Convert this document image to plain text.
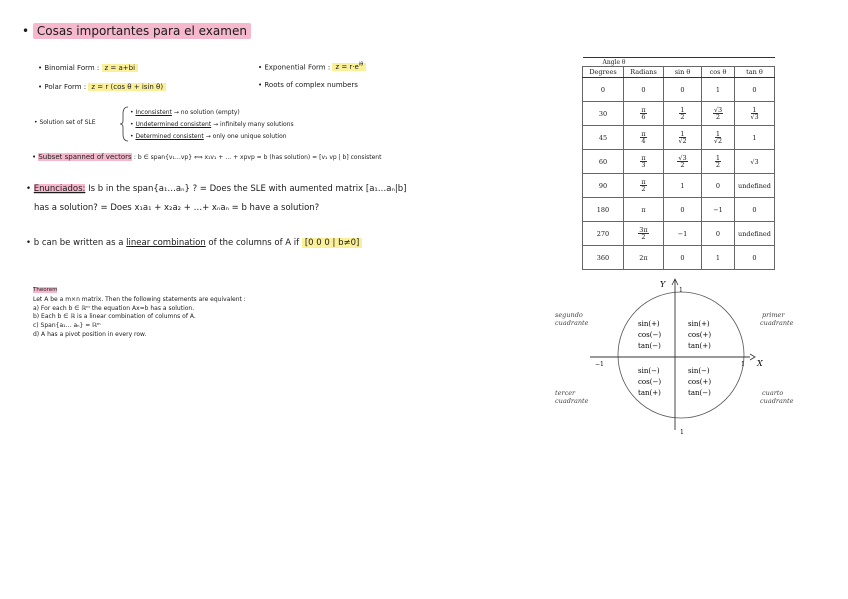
• Cosas importantes para el examen
• Binomial Form : z = a+bi	• Exponential Form : $z = r\cdot e^{i\theta}$
• Polar Form : z = r (cos θ + isin θ)	• Roots of complex numbers
• Solution set of SLE
• Inconsistent → no solution (empty)
• Undetermined consistent → infinitely many solutions
• Determined consistent → only one unique solution
• Subset spanned of vectors : b ∈ span{v₁…vp} ⟺ x₁v₁ + … + xpvp = b (has solution) = [v₁ vp | b] consistent
• Enunciados: Is b in the span{a₁…aₙ} ? = Does the SLE with aumented matrix [a₁…aₙ|b]
has a solution? = Does x₁a₁ + x₂a₂ + …+ xₙaₙ = b have a solution?
• b can be written as a linear combination of the columns of A if [0 0 0 | b≠0]
Theorem
Let A be a m×n matrix. Then the following statements are equivalent :
a) For each b ∈ ℝᵐ the equation Ax=b has a solution.
b) Each b ∈ ℝ is a linear combination of columns of A.
c) Span{a₁… aₙ} = ℝᵐ
d) A has a pivot position in every row.
Angle θ				
Degrees	Radians	sin θ	cos θ	tan θ
0	0	0	1	0
30	$\frac{\pi}{6}$	$\frac{1}{2}$	$\frac{√3}{2}$	$\frac{1}{√3}$

45	$\frac{\pi}{4}$	$\frac{1}{√2}$	$\frac{1}{√2}$	1
60	$\frac{\pi}{3}$	$\frac{√3}{2}$	$\frac{1}{2}$	√3
90	$\frac{\pi}{2}$	1	0	undefined
180	π	0	−1	0
270	$\frac{3\pi}{2}$	−1	0	undefined
360	2π	0	1	0
Y
X
1
1
−1	1
segundo
cuadrante
primer
cuadrante
tercer
cuadrante
cuarto
cuadrante
sin(+)
cos(−)
tan(−)
sin(+)
cos(+)
tan(+)
sin(−)
cos(−)
tan(+)
sin(−)
cos(+)
tan(−)
